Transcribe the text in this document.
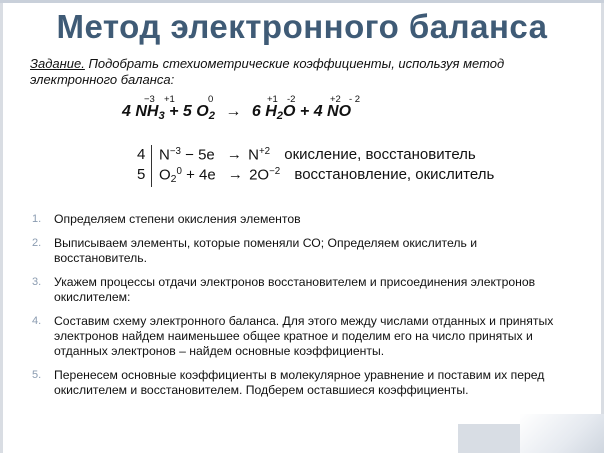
Метод электронного баланса
Задание. Подобрать стехиометрические коэффициенты, используя метод электронного баланса:
−3 +1	0	+1 -2	+2 - 2
4 $NH_3 + 5$ $O_2 \to 6$ $H_2O + 4$ NO
4 $N^{-3} - 5e \to N^{+2}$ окисление, восстановитель
5 $O_2^0 + 4e \to 2O^{-2}$ восстановление, окислитель
1. Определяем степени окисления элементов
2. Выписываем элементы, которые поменяли СО; Определяем окислитель и восстановитель.
3. Укажем процессы отдачи электронов восстановителем и присоединения электронов окислителем:
4. Составим схему электронного баланса. Для этого между числами отданных и принятых электронов найдем наименьшее общее кратное и поделим его на число принятых и отданных электронов – найдем основные коэффициенты.
5. Перенесем основные коэффициенты в молекулярное уравнение и поставим их перед окислителем и восстановителем. Подберем оставшиеся коэффициенты.
